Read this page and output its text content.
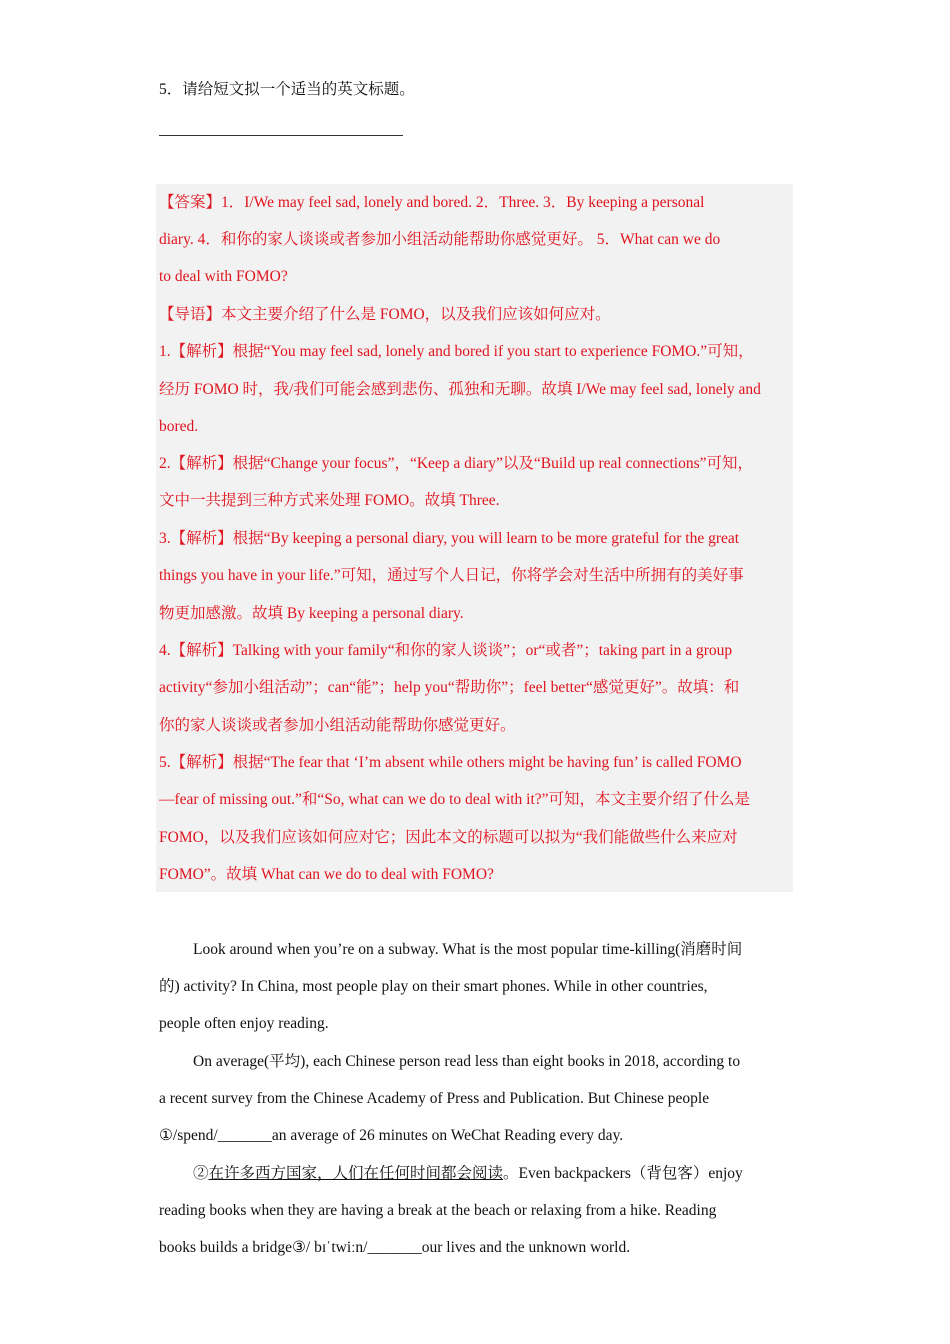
5．请给短文拟一个适当的英文标题。
【答案】1．I/We may feel sad, lonely and bored. 2．Three. 3．By keeping a personal
diary. 4．和你的家人谈谈或者参加小组活动能帮助你感觉更好。 5．What can we do
to deal with FOMO?
【导语】本文主要介绍了什么是 FOMO，以及我们应该如何应对。
1.【解析】根据“You may feel sad, lonely and bored if you start to experience FOMO.”可知，
经历 FOMO 时，我/我们可能会感到悲伤、孤独和无聊。故填 I/We may feel sad, lonely and
bored.
2.【解析】根据“Change your focus”，“Keep a diary”以及“Build up real connections”可知，
文中一共提到三种方式来处理 FOMO。故填 Three.
3.【解析】根据“By keeping a personal diary, you will learn to be more grateful for the great
things you have in your life.”可知，通过写个人日记，你将学会对生活中所拥有的美好事
物更加感激。故填 By keeping a personal diary.
4.【解析】Talking with your family“和你的家人谈谈”；or“或者”；taking part in a group
activity“参加小组活动”；can“能”；help you“帮助你”；feel better“感觉更好”。故填：和
你的家人谈谈或者参加小组活动能帮助你感觉更好。
5.【解析】根据“The fear that ‘I’m absent while others might be having fun’ is called FOMO
—fear of missing out.”和“So, what can we do to deal with it?”可知，本文主要介绍了什么是
FOMO，以及我们应该如何应对它；因此本文的标题可以拟为“我们能做些什么来应对
FOMO”。故填 What can we do to deal with FOMO?
Look around when you’re on a subway. What is the most popular time-killing(消磨时间
的) activity? In China, most people play on their smart phones. While in other countries,
people often enjoy reading.
On average(平均), each Chinese person read less than eight books in 2018, according to
a recent survey from the Chinese Academy of Press and Publication. But Chinese people
①/spend/_______an average of 26 minutes on WeChat Reading every day.
②在许多西方国家，人们在任何时间都会阅读。Even backpackers（背包客）enjoy
reading books when they are having a break at the beach or relaxing from a hike. Reading
books builds a bridge③/ bɪˈtwiːn/_______our lives and the unknown world.
